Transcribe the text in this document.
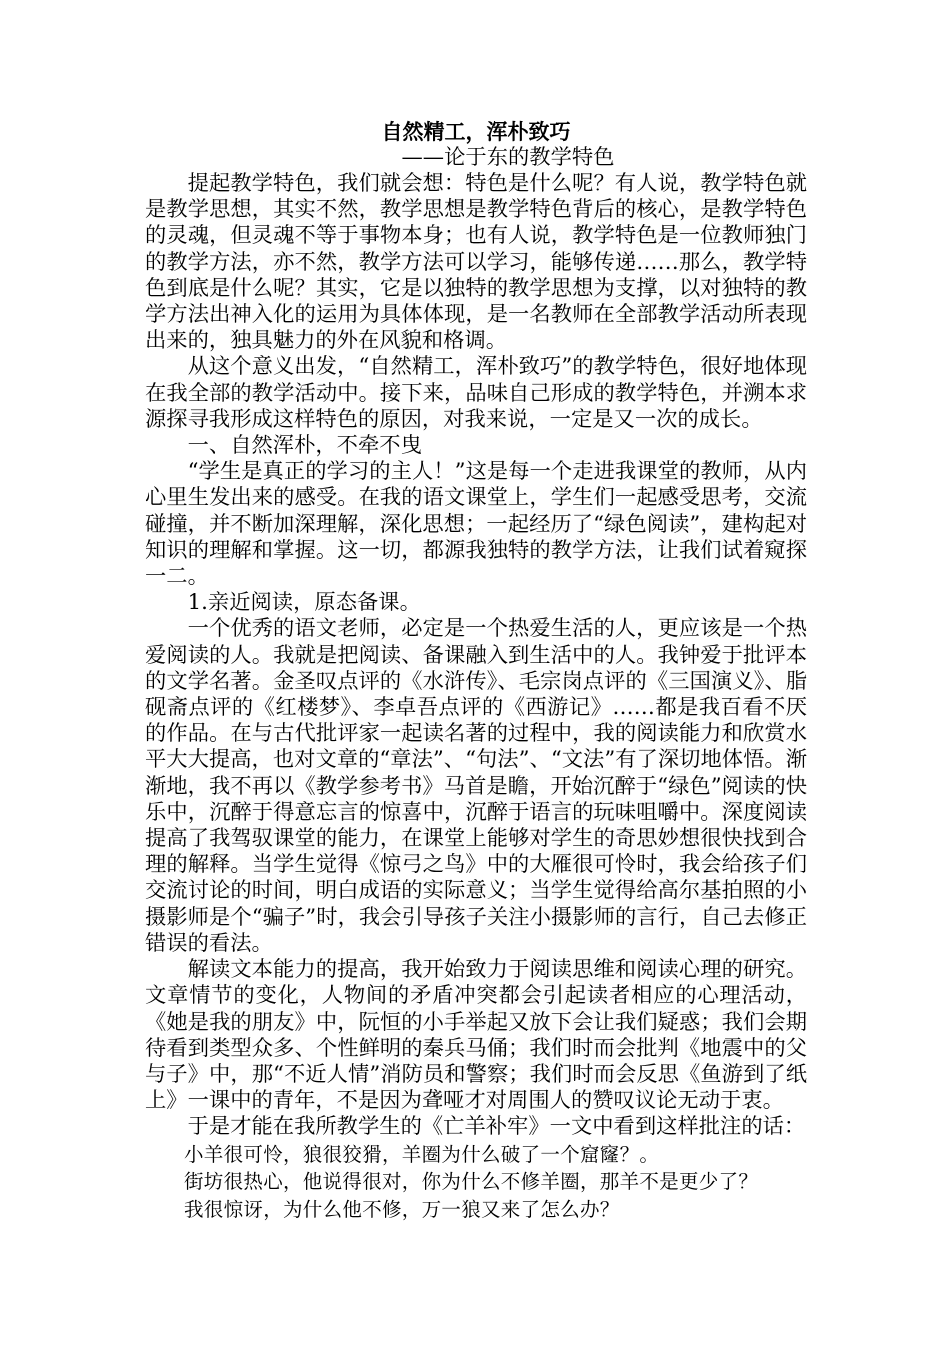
自然精工，浑朴致巧
——论于东的教学特色

提起教学特色，我们就会想：特色是什么呢？有人说，教学特色就是教学思想，其实不然，教学思想是教学特色背后的核心，是教学特色的灵魂，但灵魂不等于事物本身；也有人说，教学特色是一位教师独门的教学方法，亦不然，教学方法可以学习，能够传递……那么，教学特色到底是什么呢？其实，它是以独特的教学思想为支撑，以对独特的教学方法出神入化的运用为具体体现，是一名教师在全部教学活动所表现出来的，独具魅力的外在风貌和格调。

从这个意义出发，“自然精工，浑朴致巧”的教学特色，很好地体现在我全部的教学活动中。接下来，品味自己形成的教学特色，并溯本求源探寻我形成这样特色的原因，对我来说，一定是又一次的成长。

一、自然浑朴，不牵不曳

“学生是真正的学习的主人！”这是每一个走进我课堂的教师，从内心里生发出来的感受。在我的语文课堂上，学生们一起感受思考，交流碰撞，并不断加深理解，深化思想；一起经历了“绿色阅读”，建构起对知识的理解和掌握。这一切，都源我独特的教学方法，让我们试着窥探一二。

1.亲近阅读，原态备课。

一个优秀的语文老师，必定是一个热爱生活的人，更应该是一个热爱阅读的人。我就是把阅读、备课融入到生活中的人。我钟爱于批评本的文学名著。金圣叹点评的《水浒传》、毛宗岗点评的《三国演义》、脂砚斋点评的《红楼梦》、李卓吾点评的《西游记》……都是我百看不厌的作品。在与古代批评家一起读名著的过程中，我的阅读能力和欣赏水平大大提高，也对文章的“章法”、“句法”、“文法”有了深切地体悟。渐渐地，我不再以《教学参考书》马首是瞻，开始沉醉于“绿色”阅读的快乐中，沉醉于得意忘言的惊喜中，沉醉于语言的玩味咀嚼中。深度阅读提高了我驾驭课堂的能力，在课堂上能够对学生的奇思妙想很快找到合理的解释。当学生觉得《惊弓之鸟》中的大雁很可怜时，我会给孩子们交流讨论的时间，明白成语的实际意义；当学生觉得给高尔基拍照的小摄影师是个“骗子”时，我会引导孩子关注小摄影师的言行，自己去修正错误的看法。

解读文本能力的提高，我开始致力于阅读思维和阅读心理的研究。文章情节的变化，人物间的矛盾冲突都会引起读者相应的心理活动，《她是我的朋友》中，阮恒的小手举起又放下会让我们疑惑；我们会期待看到类型众多、个性鲜明的秦兵马俑；我们时而会批判《地震中的父与子》中，那“不近人情”消防员和警察；我们时而会反思《鱼游到了纸上》一课中的青年，不是因为聋哑才对周围人的赞叹议论无动于衷。

于是才能在我所教学生的《亡羊补牢》一文中看到这样批注的话：

小羊很可怜，狼很狡猾，羊圈为什么破了一个窟窿？。
街坊很热心，他说得很对，你为什么不修羊圈，那羊不是更少了？
我很惊讶，为什么他不修，万一狼又来了怎么办？
